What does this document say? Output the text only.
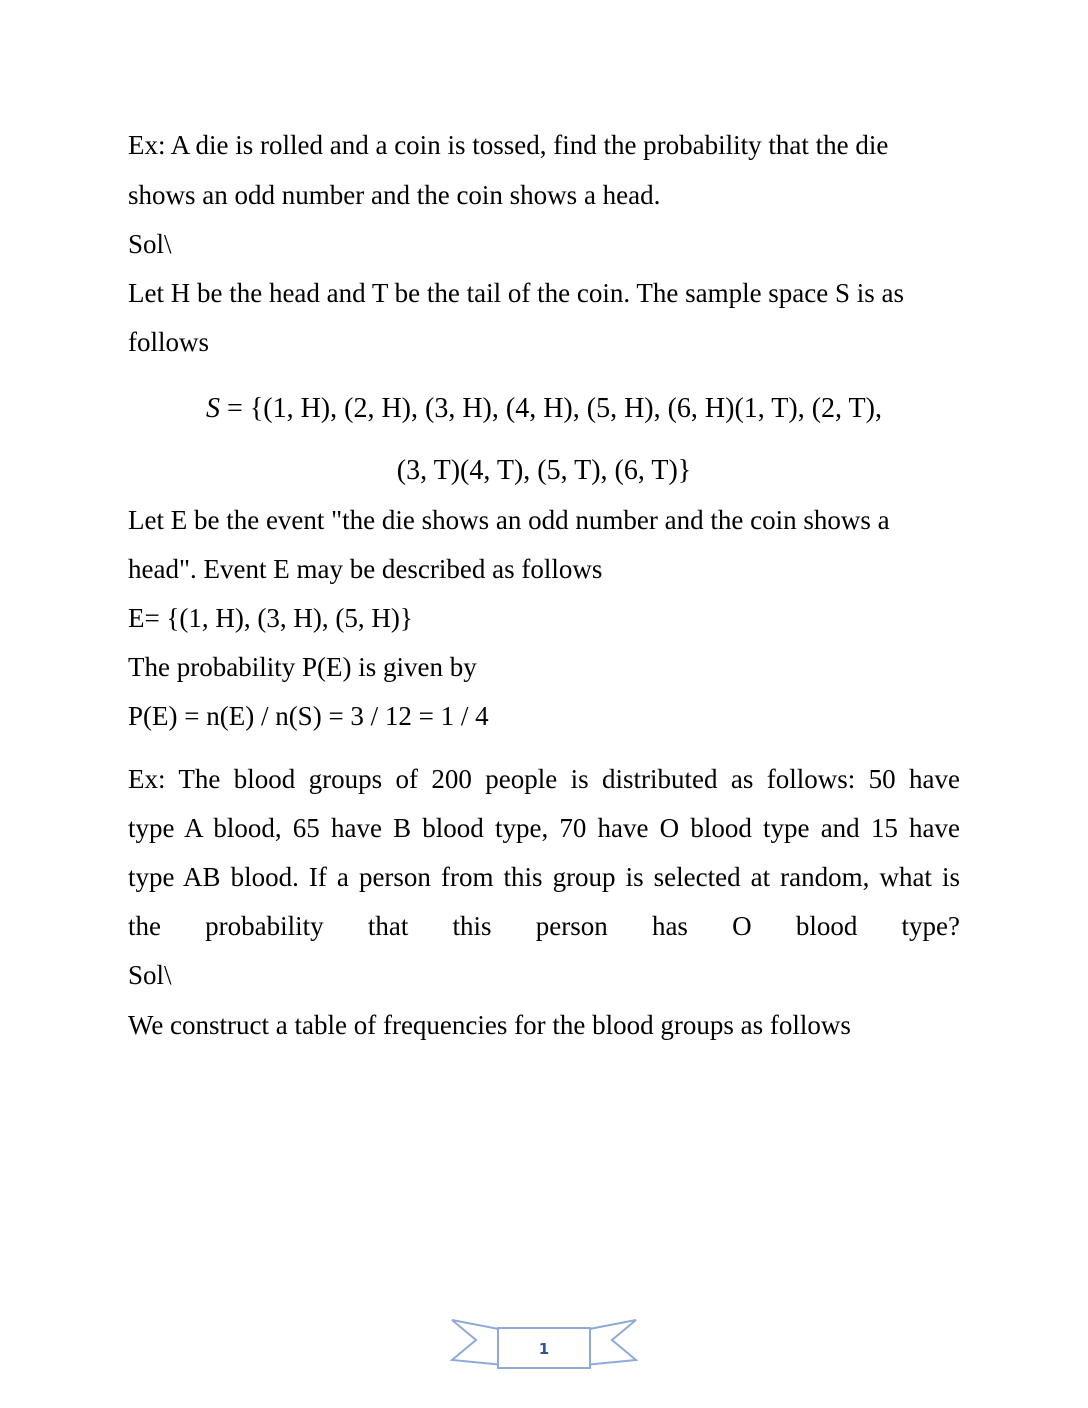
Ex: A die is rolled and a coin is tossed, find the probability that the die
shows an odd number and the coin shows a head.
Sol\
Let H be the head and T be the tail of the coin. The sample space S is as
follows
S = {(1, H), (2, H), (3, H), (4, H), (5, H), (6, H)(1, T), (2, T),
(3, T)(4, T), (5, T), (6, T)}
Let E be the event "the die shows an odd number and the coin shows a
head". Event E may be described as follows
E= {(1, H), (3, H), (5, H)}
The probability P(E) is given by
P(E) = n(E) / n(S) = 3 / 12 = 1 / 4
Ex: The blood groups of 200 people is distributed as follows: 50 have
type A blood, 65 have B blood type, 70 have O blood type and 15 have
type AB blood. If a person from this group is selected at random, what is
the probability that this person has O blood type?
Sol\
We construct a table of frequencies for the blood groups as follows
1
